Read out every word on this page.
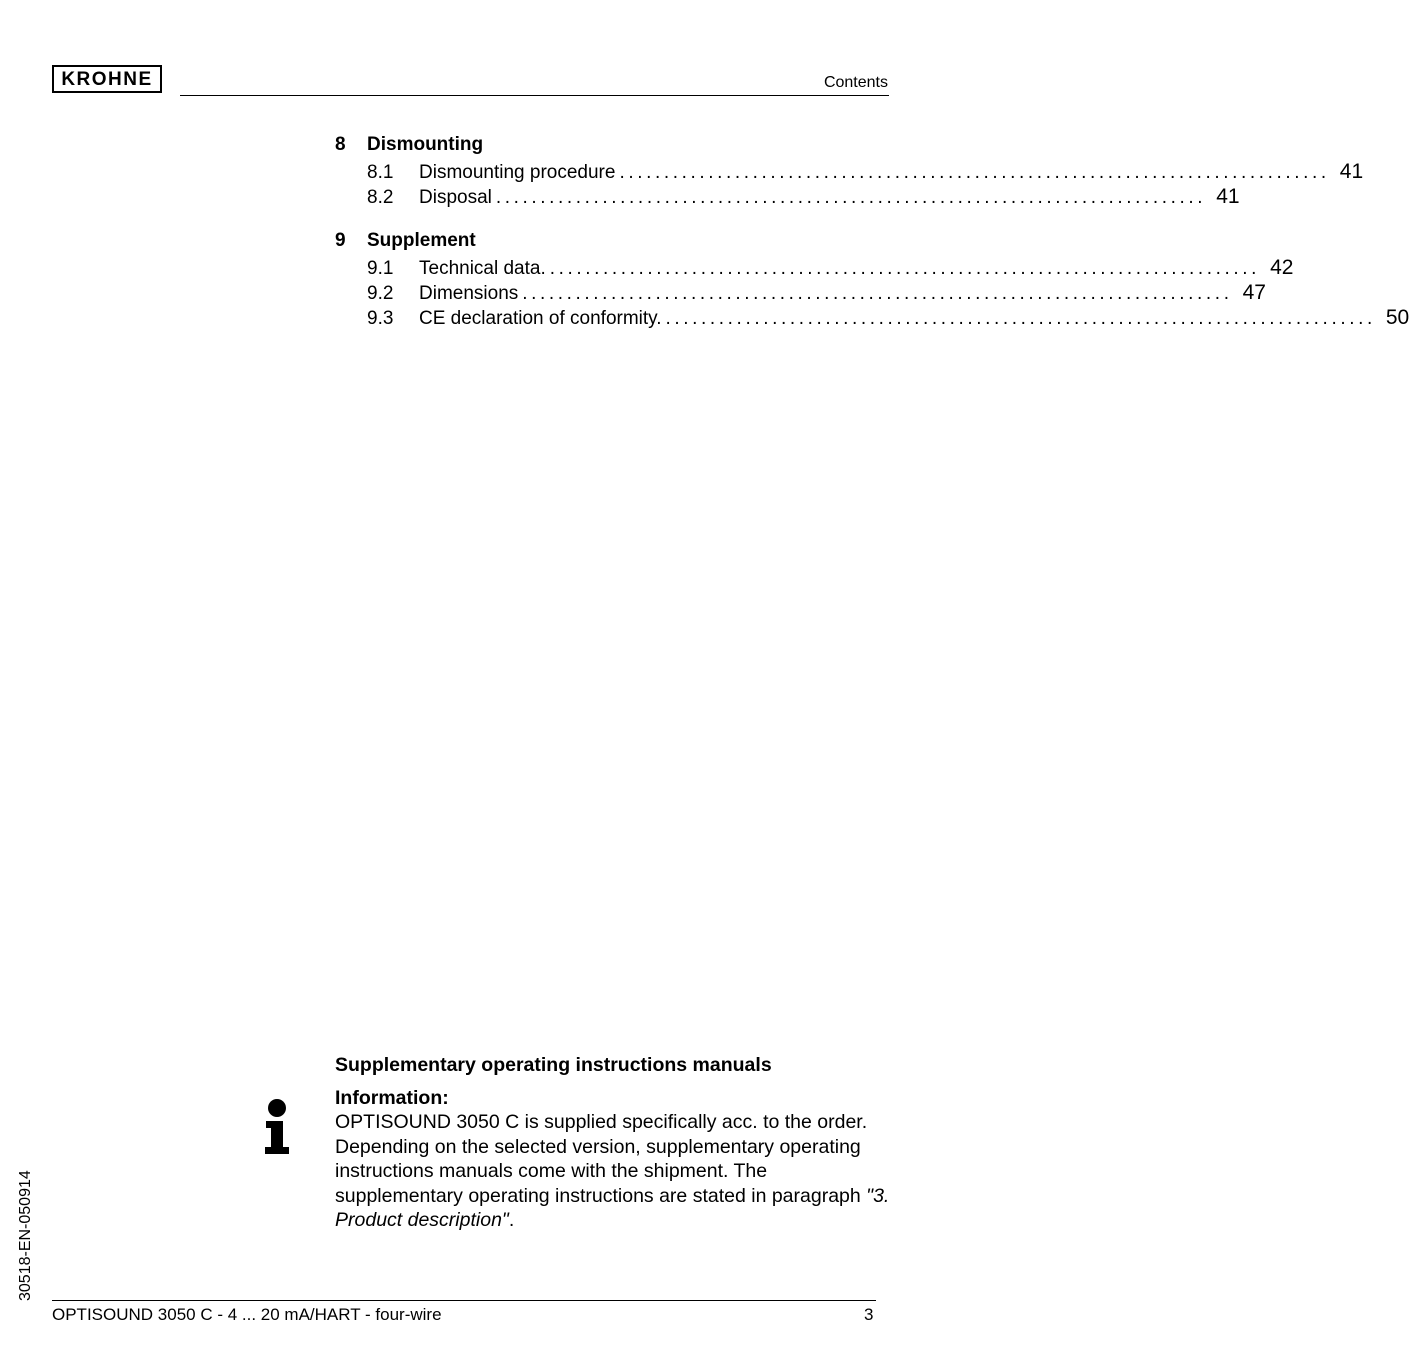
KROHNE	Contents
8	Dismounting
8.1	Dismounting procedure ................................................................................ 41
8.2	Disposal ................................................................................ 41
9	Supplement
9.1	Technical data. ................................................................................ 42
9.2	Dimensions ................................................................................ 47
9.3	CE declaration of conformity. ................................................................................ 50
Supplementary operating instructions manuals
Information:
OPTISOUND 3050 C is supplied specifically acc. to the order. Depending on the selected version, supplementary operating instructions manuals come with the shipment. The supplementary operating instructions are stated in paragraph "3. Product description".
30518-EN-050914
OPTISOUND 3050 C - 4 ... 20 mA/HART - four-wire	3
